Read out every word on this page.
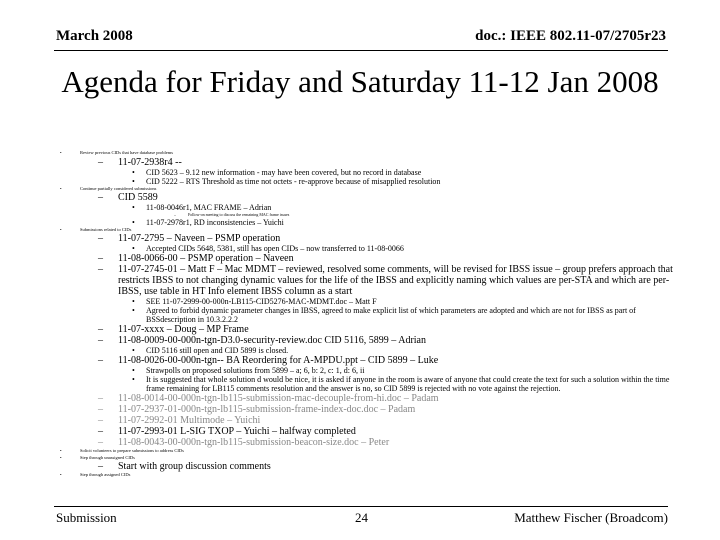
March 2008	doc.: IEEE 802.11-07/2705r23
Agenda for Friday and Saturday 11-12 Jan 2008
•	Review previous CIDs that have database problems
– 11-07-2938r4 --
• CID 5623 – 9.12 new information - may have been covered, but no record in database
• CID 5222 – RTS Threshold as time not octets - re-approve because of misapplied resolution
•	Continue partially considered submissions
– CID 5589
• 11-08-0046r1, MAC FRAME – Adrian
–	Follow-on meeting to discuss the remaining MAC frame issues
• 11-07-2978r1, RD inconsistencies – Yuichi
•	Submissions related to CIDs
– 11-07-2795 – Naveen – PSMP operation
• Accepted CIDs 5648, 5381, still has open CIDs – now transferred to 11-08-0066
– 11-08-0066-00 – PSMP operation – Naveen
– 11-07-2745-01 – Matt F – Mac MDMT – reviewed, resolved some comments, will be revised for IBSS issue – group prefers approach that restricts IBSS to not changing dynamic values for the life of the IBSS and explicitly naming which values are per-STA and which are per-IBSS, use table in HT Info element IBSS column as a start
• SEE 11-07-2999-00-000n-LB115-CID5276-MAC-MDMT.doc – Matt F
• Agreed to forbid dynamic parameter changes in IBSS, agreed to make explicit list of which parameters are adopted and which are not for IBSS as part of BSSdescription in 10.3.2.2.2
– 11-07-xxxx – Doug – MP Frame
– 11-08-0009-00-000n-tgn-D3.0-security-review.doc CID 5116, 5899 – Adrian
• CID 5116 still open and CID 5899 is closed.
– 11-08-0026-00-000n-tgn-- BA Reordering for A-MPDU.ppt – CID 5899 – Luke
• Strawpolls on proposed solutions from 5899 – a; 6, b: 2, c: 1, d: 6, ii
• It is suggested that whole solution d would be nice, it is asked if anyone in the room is aware of anyone that could create the text for such a solution within the time frame remaining for LB115 comments resolution and the answer is no, so CID 5899 is rejected with no vote against the rejection.
– 11-08-0014-00-000n-tgn-lb115-submission-mac-decouple-from-hi.doc – Padam
– 11-07-2937-01-000n-tgn-lb115-submission-frame-index-doc.doc – Padam
– 11-07-2992-01 Multimode – Yuichi
– 11-07-2993-01 L-SIG TXOP – Yuichi – halfway completed
– 11-08-0043-00-000n-tgn-lb115-submission-beacon-size.doc – Peter
•	Solicit volunteers to prepare submissions to address CIDs
•	Step through unassigned CIDs
– Start with group discussion comments
•	Step through assigned CIDs
Submission	24	Matthew Fischer (Broadcom)
